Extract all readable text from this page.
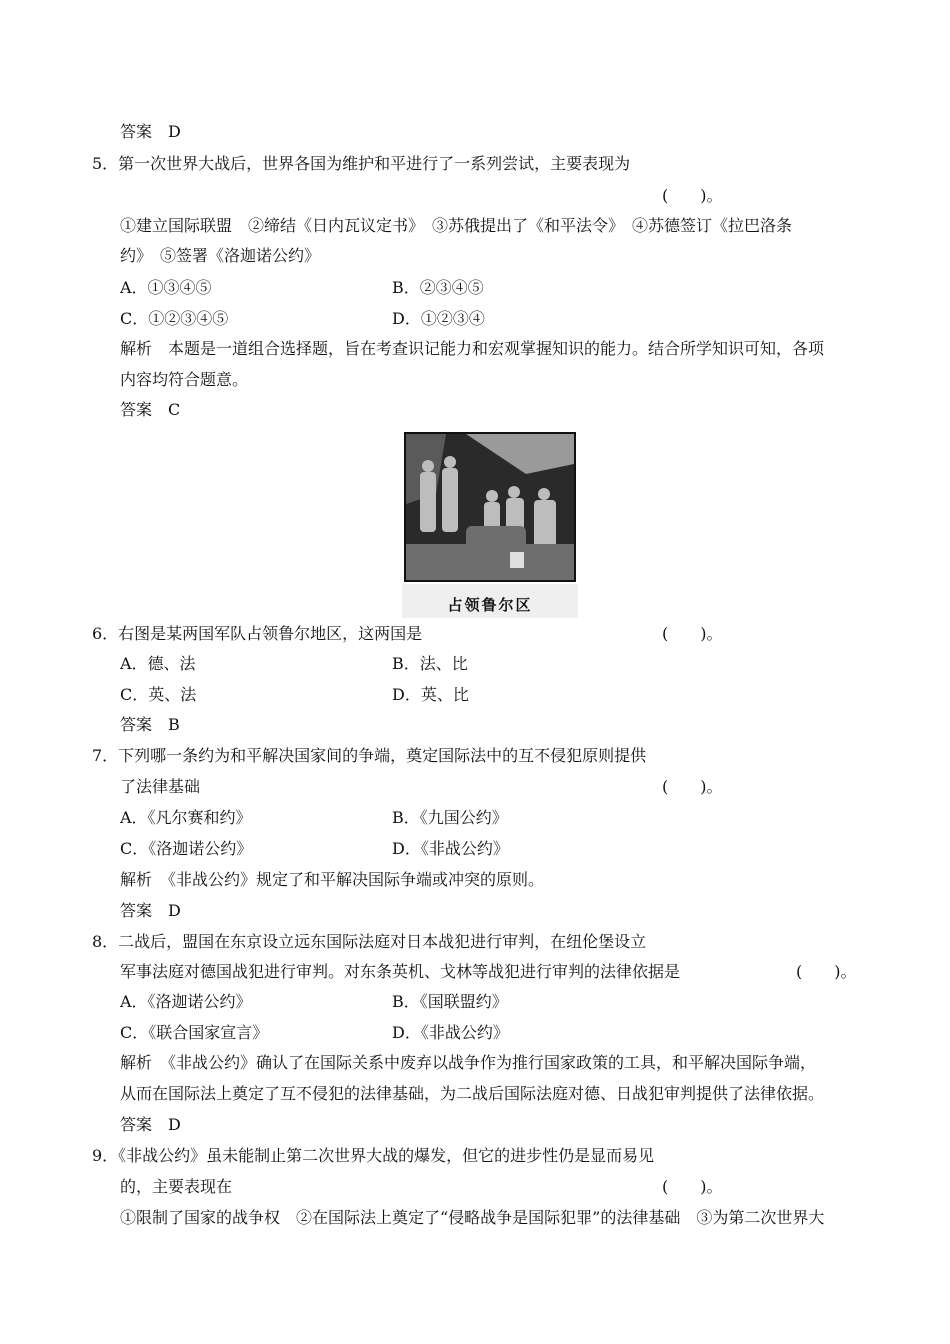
答案　D
5．第一次世界大战后，世界各国为维护和平进行了一系列尝试，主要表现为
(　　)。
①建立国际联盟　②缔结《日内瓦议定书》　③苏俄提出了《和平法令》　④苏德签订《拉巴洛条
约》　⑤签署《洛迦诺公约》
A．①③④⑤	B．②③④⑤
C．①②③④⑤	D．①②③④
解析　本题是一道组合选择题，旨在考查识记能力和宏观掌握知识的能力。结合所学知识可知，各项
内容均符合题意。
答案　C
占领鲁尔区
6．右图是某两国军队占领鲁尔地区，这两国是	(　　)。
A．德、法	B．法、比
C．英、法	D．英、比
答案　B
7．下列哪一条约为和平解决国家间的争端，奠定国际法中的互不侵犯原则提供
了法律基础	(　　)。
A．《凡尔赛和约》	B．《九国公约》
C．《洛迦诺公约》	D．《非战公约》
解析　《非战公约》规定了和平解决国际争端或冲突的原则。
答案　D
8．二战后，盟国在东京设立远东国际法庭对日本战犯进行审判，在纽伦堡设立
军事法庭对德国战犯进行审判。对东条英机、戈林等战犯进行审判的法律依据是	(　　)。
A．《洛迦诺公约》	B．《国联盟约》
C．《联合国家宣言》	D．《非战公约》
解析　《非战公约》确认了在国际关系中废弃以战争作为推行国家政策的工具，和平解决国际争端，
从而在国际法上奠定了互不侵犯的法律基础，为二战后国际法庭对德、日战犯审判提供了法律依据。
答案　D
9．《非战公约》虽未能制止第二次世界大战的爆发，但它的进步性仍是显而易见
的，主要表现在	(　　)。
①限制了国家的战争权　②在国际法上奠定了“侵略战争是国际犯罪”的法律基础　③为第二次世界大
